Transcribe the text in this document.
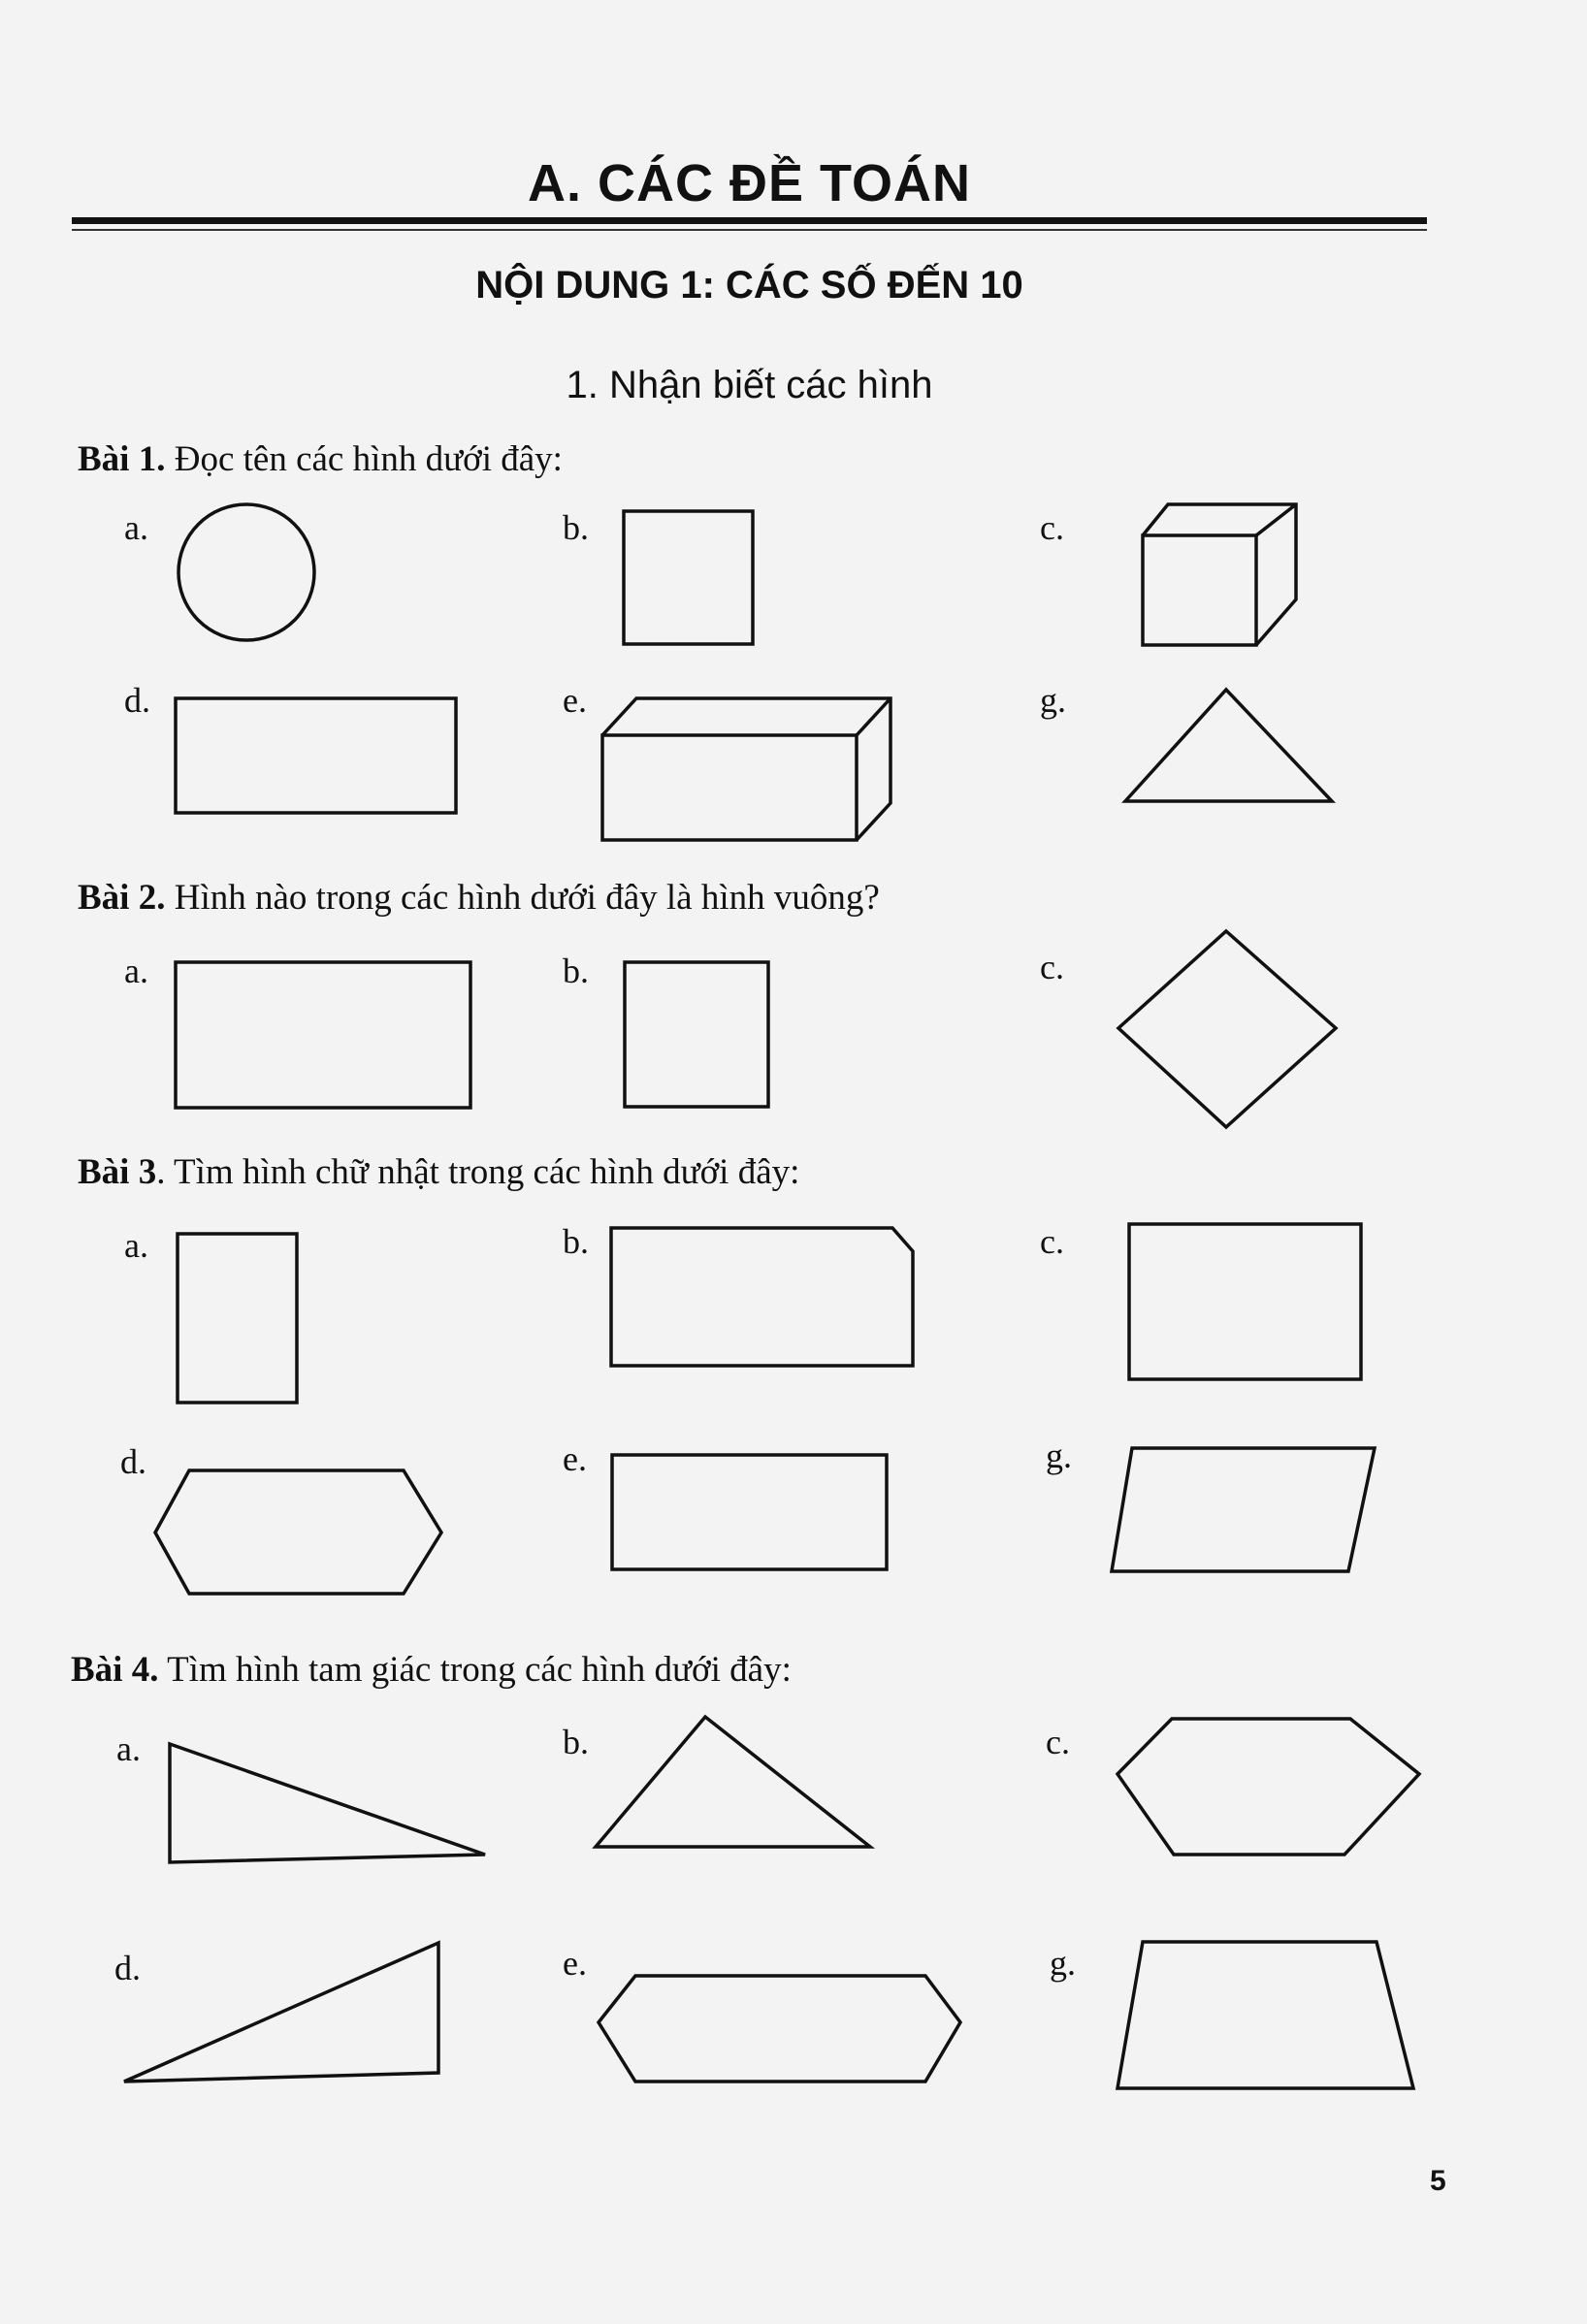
A. CÁC ĐỀ TOÁN
NỘI DUNG 1: CÁC SỐ ĐẾN 10
1. Nhận biết các hình
Bài 1. Đọc tên các hình dưới đây:
a.	b.	c.
d.	e.	g.
Bài 2. Hình nào trong các hình dưới đây là hình vuông?
a.	b.	c.
Bài 3. Tìm hình chữ nhật trong các hình dưới đây:
a.	b.	c.
d.	e.	g.
Bài 4. Tìm hình tam giác trong các hình dưới đây:
a.	b.	c.
d.	e.	g.
5
